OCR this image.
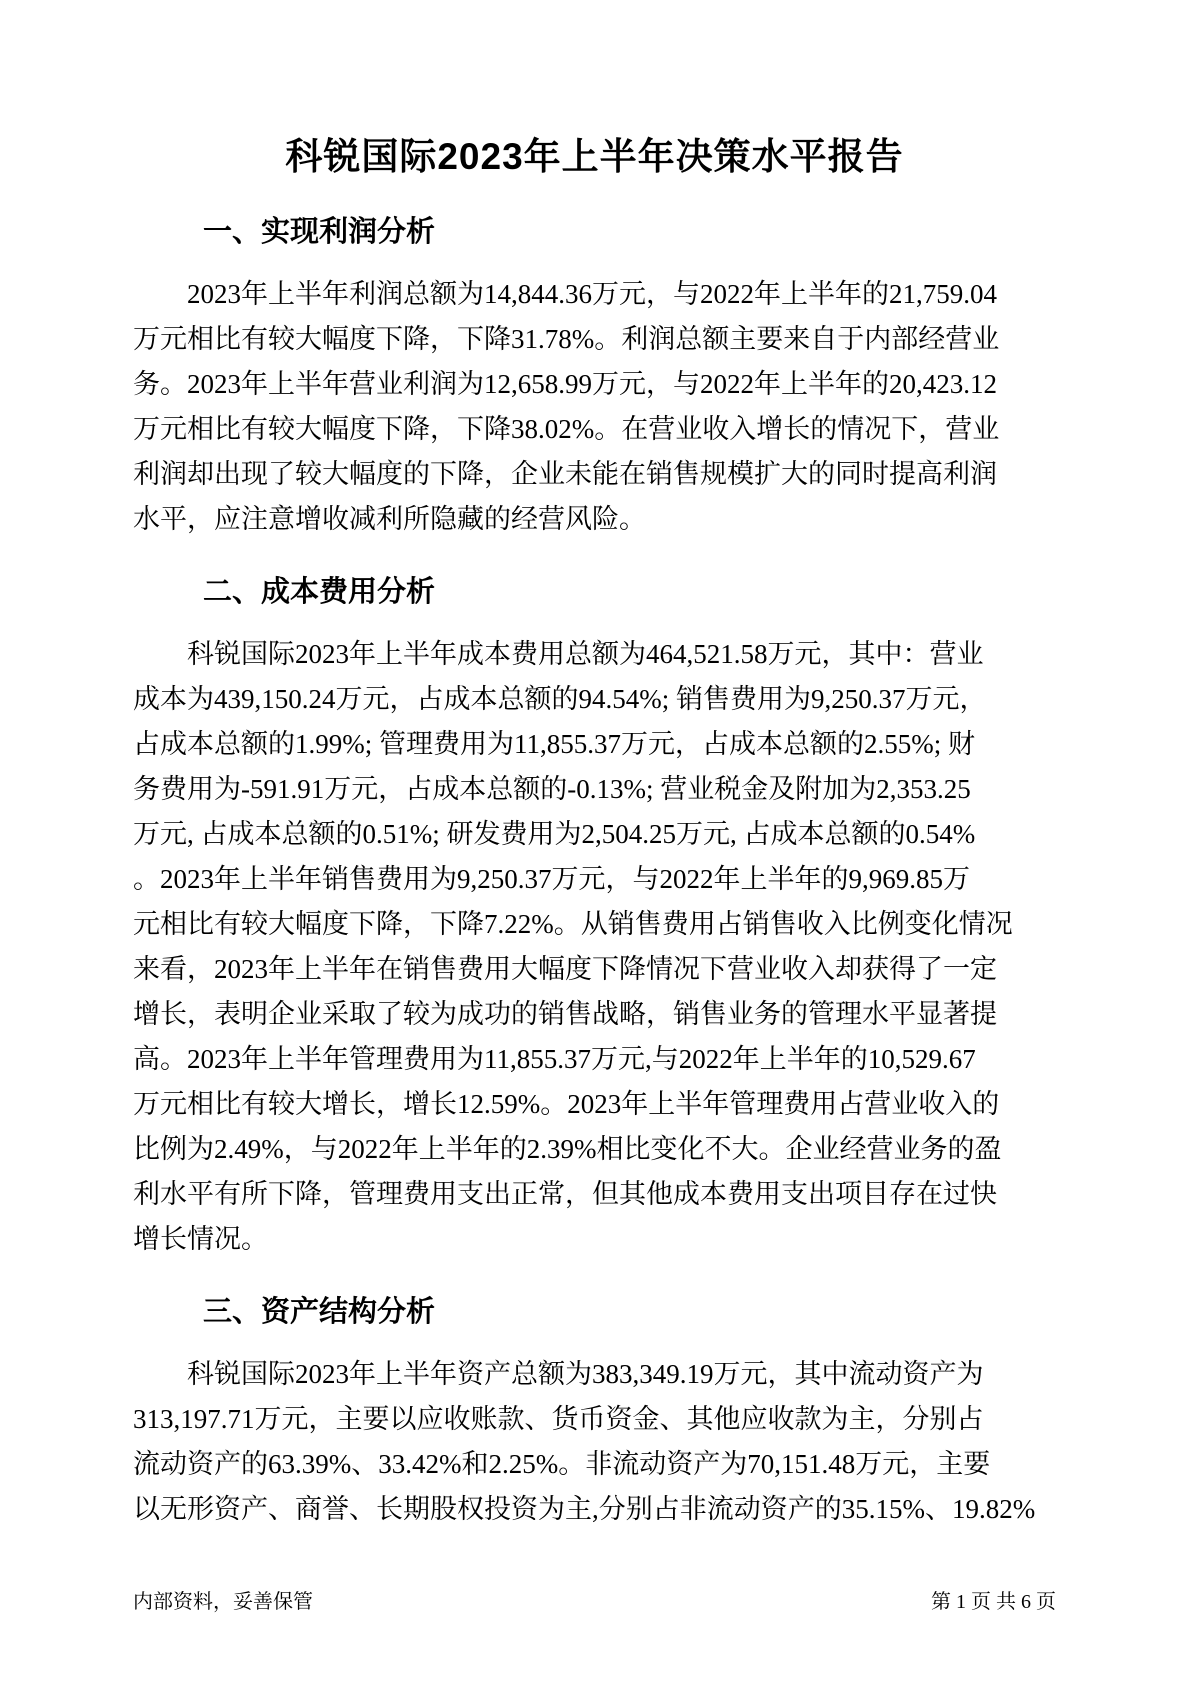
科锐国际2023年上半年决策水平报告
一、实现利润分析

2023年上半年利润总额为14,844.36万元，与2022年上半年的21,759.04
万元相比有较大幅度下降，下降31.78%。利润总额主要来自于内部经营业
务。2023年上半年营业利润为12,658.99万元，与2022年上半年的20,423.12
万元相比有较大幅度下降，下降38.02%。在营业收入增长的情况下，营业
利润却出现了较大幅度的下降，企业未能在销售规模扩大的同时提高利润
水平，应注意增收减利所隐藏的经营风险。

二、成本费用分析

科锐国际2023年上半年成本费用总额为464,521.58万元，其中：营业
成本为439,150.24万元，占成本总额的94.54%; 销售费用为9,250.37万元，
占成本总额的1.99%; 管理费用为11,855.37万元，占成本总额的2.55%; 财
务费用为-591.91万元，占成本总额的-0.13%; 营业税金及附加为2,353.25
万元, 占成本总额的0.51%; 研发费用为2,504.25万元, 占成本总额的0.54%
。2023年上半年销售费用为9,250.37万元，与2022年上半年的9,969.85万
元相比有较大幅度下降，下降7.22%。从销售费用占销售收入比例变化情况
来看，2023年上半年在销售费用大幅度下降情况下营业收入却获得了一定
增长，表明企业采取了较为成功的销售战略，销售业务的管理水平显著提
高。2023年上半年管理费用为11,855.37万元,与2022年上半年的10,529.67
万元相比有较大增长，增长12.59%。2023年上半年管理费用占营业收入的
比例为2.49%，与2022年上半年的2.39%相比变化不大。企业经营业务的盈
利水平有所下降，管理费用支出正常，但其他成本费用支出项目存在过快
增长情况。

三、资产结构分析

科锐国际2023年上半年资产总额为383,349.19万元，其中流动资产为
313,197.71万元，主要以应收账款、货币资金、其他应收款为主，分别占
流动资产的63.39%、33.42%和2.25%。非流动资产为70,151.48万元，主要
以无形资产、商誉、长期股权投资为主,分别占非流动资产的35.15%、19.82%

内部资料，妥善保管	第 1 页 共 6 页
